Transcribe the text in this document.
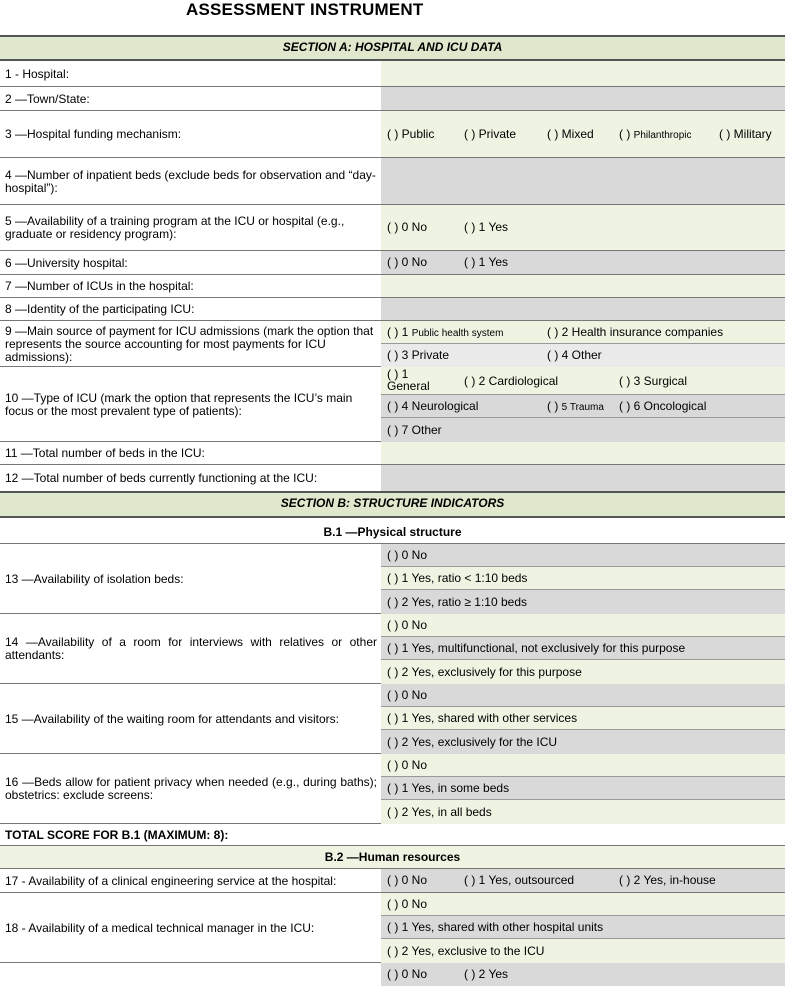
ASSESSMENT INSTRUMENT
SECTION A: HOSPITAL AND ICU DATA
1 - Hospital:
2 —Town/State:
3 —Hospital funding mechanism:	( ) Public ( ) Private	( ) Mixed ( ) Philanthropic ( ) Military
4 —Number of inpatient beds (exclude beds for observation and “day-hospital”):
5 —Availability of a training program at the ICU or hospital (e.g., graduate or residency program):	( ) 0 No	( ) 1 Yes
6 —University hospital:	( ) 0 No	( ) 1 Yes
7 —Number of ICUs in the hospital:
8 —Identity of the participating ICU:
9 —Main source of payment for ICU admissions (mark the option that represents the source accounting for most payments for ICU admissions):
( ) 1 Public health system	( ) 2 Health insurance companies
( ) 3 Private	( ) 4 Other
10 —Type of ICU (mark the option that represents the ICU’s main focus or the most prevalent type of patients):
( ) 1
General	( ) 2 Cardiological	( ) 3 Surgical
( ) 4 Neurological	( ) 5 Trauma ( ) 6 Oncological
( ) 7 Other
11 —Total number of beds in the ICU:
12 —Total number of beds currently functioning at the ICU:
SECTION B: STRUCTURE INDICATORS
B.1 —Physical structure
13 —Availability of isolation beds:
( ) 0 No
( ) 1 Yes, ratio < 1:10 beds
( ) 2 Yes, ratio ≥ 1:10 beds
14 —Availability of a room for interviews with relatives or other attendants:
( ) 0 No
( ) 1 Yes, multifunctional, not exclusively for this purpose
( ) 2 Yes, exclusively for this purpose
15 —Availability of the waiting room for attendants and visitors:
( ) 0 No
( ) 1 Yes, shared with other services
( ) 2 Yes, exclusively for the ICU
16 —Beds allow for patient privacy when needed (e.g., during baths); obstetrics: exclude screens:
( ) 0 No
( ) 1 Yes, in some beds
( ) 2 Yes, in all beds
TOTAL SCORE FOR B.1 (MAXIMUM: 8):
B.2 —Human resources
17 - Availability of a clinical engineering service at the hospital:	( ) 0 No	( ) 1 Yes, outsourced	( ) 2 Yes, in-house
18 - Availability of a medical technical manager in the ICU:
( ) 0 No
( ) 1 Yes, shared with other hospital units
( ) 2 Yes, exclusive to the ICU
( ) 0 No	( ) 2 Yes
